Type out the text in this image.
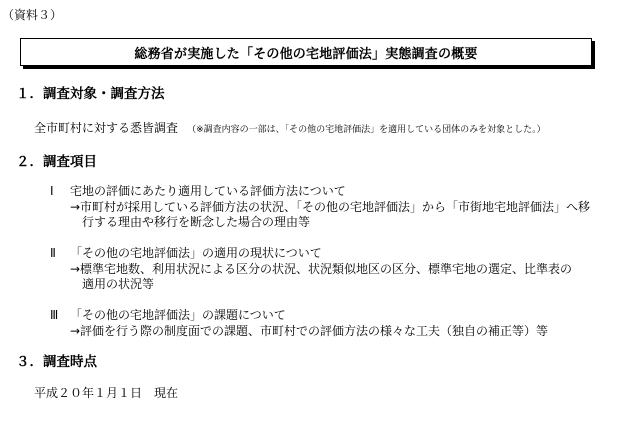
（資料３）
総務省が実施した「その他の宅地評価法」実態調査の概要
１．調査対象・調査方法
全市町村に対する悉皆調査 （※調査内容の一部は、「その他の宅地評価法」を適用している団体のみを対象とした。）
２．調査項目
Ⅰ 宅地の評価にあたり適用している評価方法について
→市町村が採用している評価方法の状況、「その他の宅地評価法」から「市街地宅地評価法」へ移
行する理由や移行を断念した場合の理由等
Ⅱ 「その他の宅地評価法」の適用の現状について
→標準宅地数、利用状況による区分の状況、状況類似地区の区分、標準宅地の選定、比準表の
適用の状況等
Ⅲ 「その他の宅地評価法」の課題について
→評価を行う際の制度面での課題、市町村での評価方法の様々な工夫（独自の補正等）等
３．調査時点
平成２０年１月１日　現在
